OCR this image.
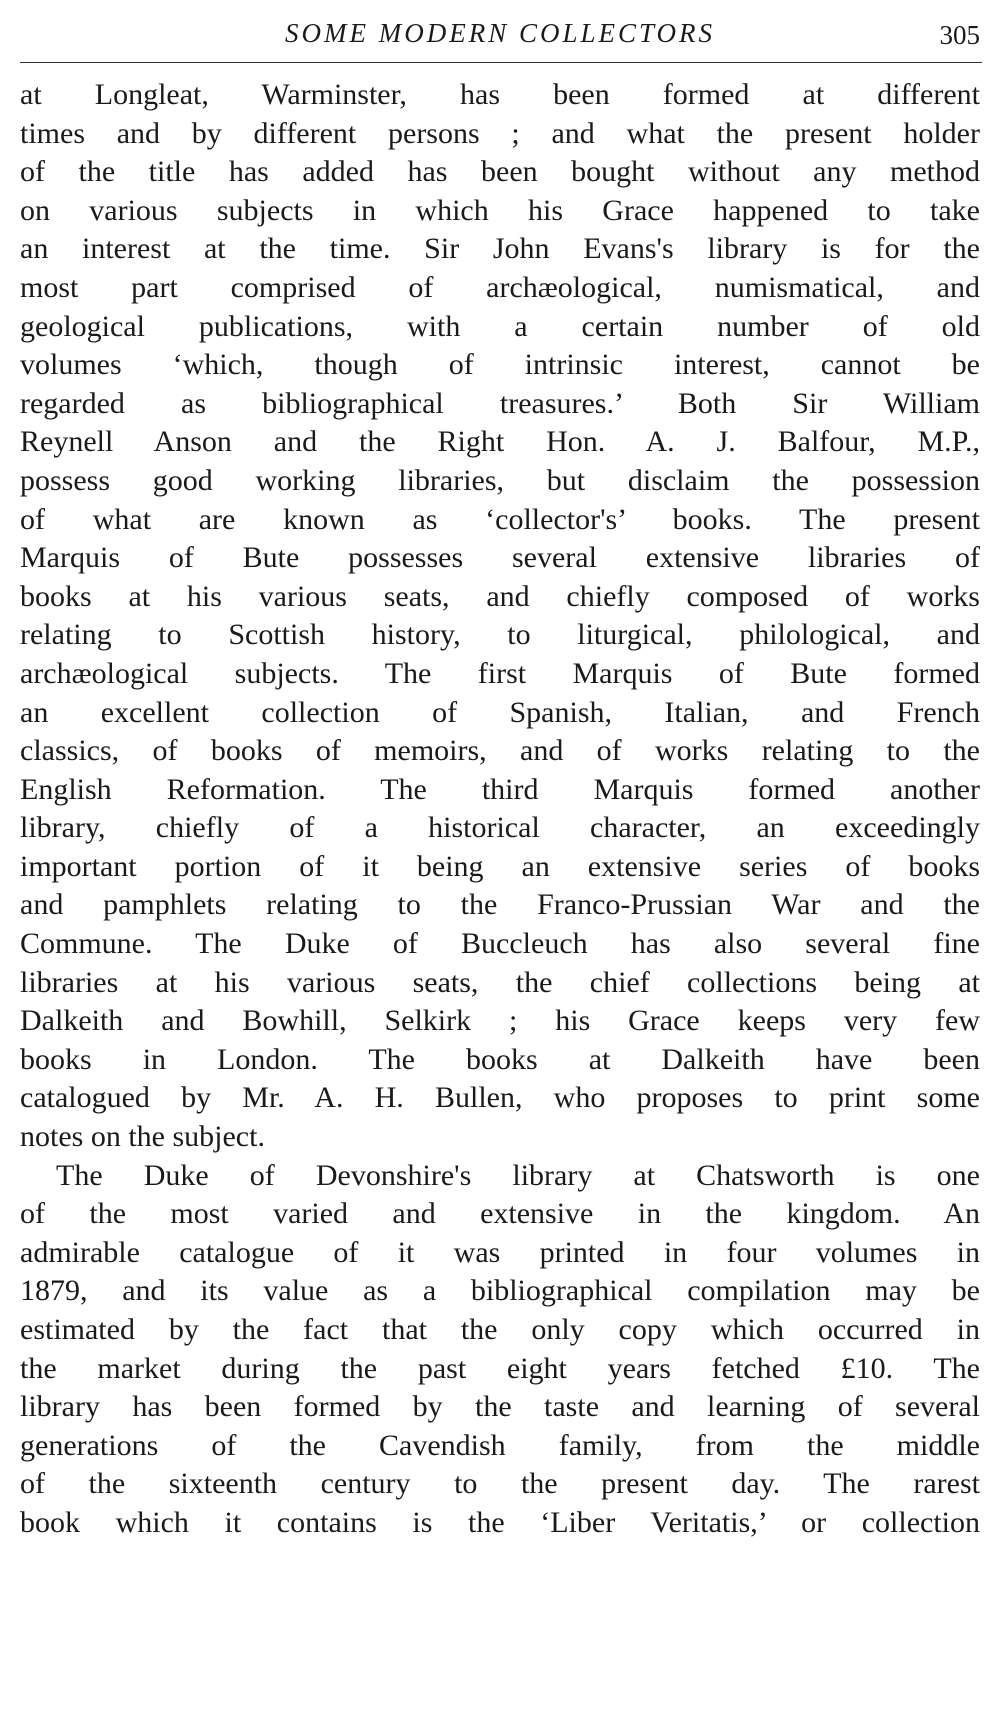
SOME MODERN COLLECTORS	305
at Longleat, Warminster, has been formed at different
times and by different persons ; and what the present holder
of the title has added has been bought without any method
on various subjects in which his Grace happened to take
an interest at the time. Sir John Evans's library is for the
most part comprised of archæological, numismatical, and
geological publications, with a certain number of old
volumes ‘which, though of intrinsic interest, cannot be
regarded as bibliographical treasures.’ Both Sir William
Reynell Anson and the Right Hon. A. J. Balfour, M.P.,
possess good working libraries, but disclaim the possession
of what are known as ‘collector's’ books. The present
Marquis of Bute possesses several extensive libraries of
books at his various seats, and chiefly composed of works
relating to Scottish history, to liturgical, philological, and
archæological subjects. The first Marquis of Bute formed
an excellent collection of Spanish, Italian, and French
classics, of books of memoirs, and of works relating to the
English Reformation. The third Marquis formed another
library, chiefly of a historical character, an exceedingly
important portion of it being an extensive series of books
and pamphlets relating to the Franco-Prussian War and the
Commune. The Duke of Buccleuch has also several fine
libraries at his various seats, the chief collections being at
Dalkeith and Bowhill, Selkirk ; his Grace keeps very few
books in London. The books at Dalkeith have been
catalogued by Mr. A. H. Bullen, who proposes to print some
notes on the subject.
The Duke of Devonshire's library at Chatsworth is one
of the most varied and extensive in the kingdom. An
admirable catalogue of it was printed in four volumes in
1879, and its value as a bibliographical compilation may be
estimated by the fact that the only copy which occurred in
the market during the past eight years fetched £10. The
library has been formed by the taste and learning of several
generations of the Cavendish family, from the middle
of the sixteenth century to the present day. The rarest
book which it contains is the ‘Liber Veritatis,’ or collection
